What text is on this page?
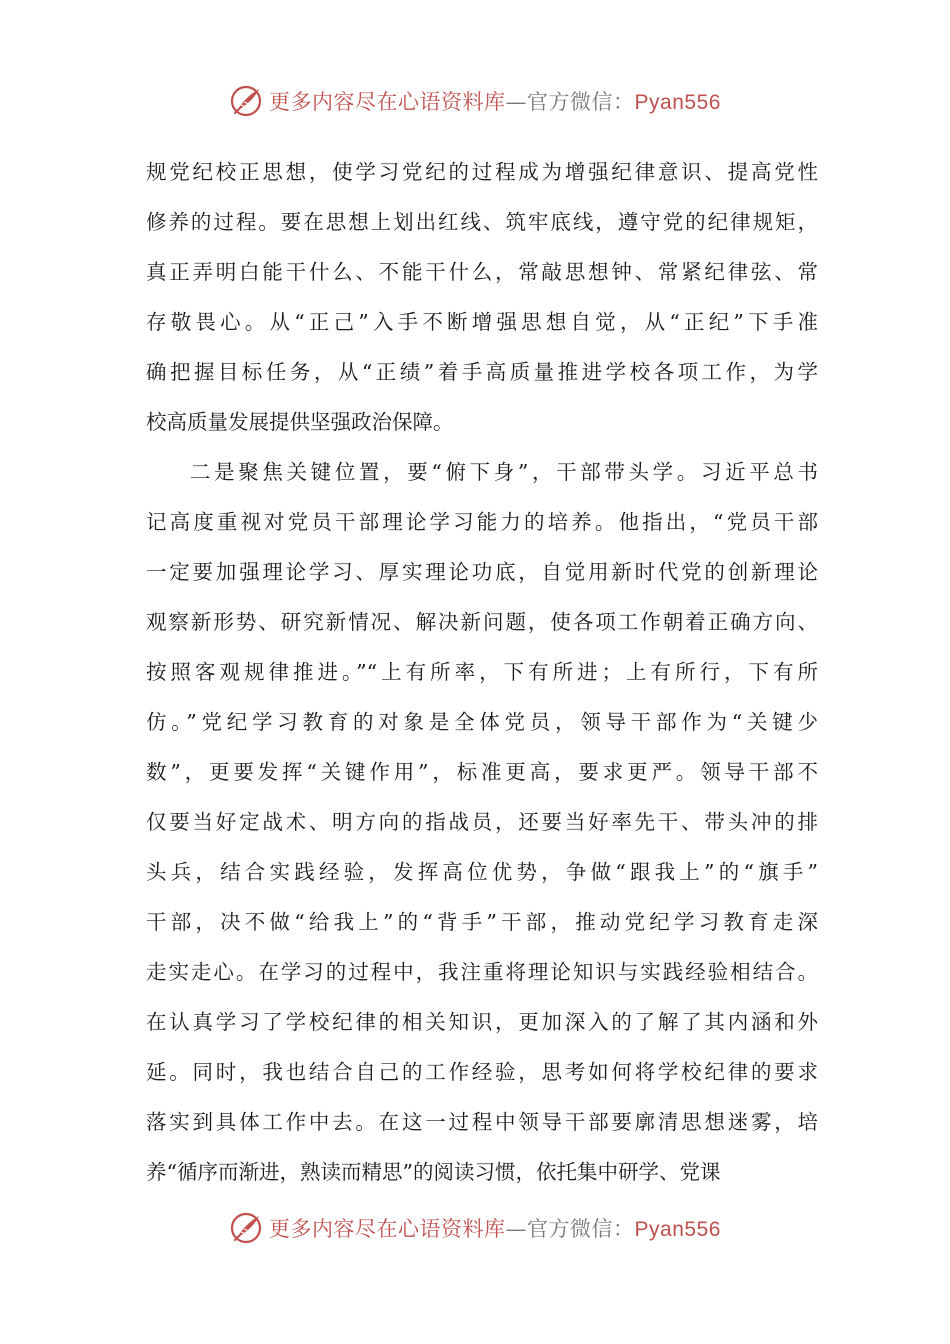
更多内容尽在心语资料库—官方微信：Pyan556
规党纪校正思想，使学习党纪的过程成为增强纪律意识、提高党性
修养的过程。要在思想上划出红线、筑牢底线，遵守党的纪律规矩，
真正弄明白能干什么、不能干什么，常敲思想钟、常紧纪律弦、常
存敬畏心。从“正己”入手不断增强思想自觉，从“正纪”下手准
确把握目标任务，从“正绩”着手高质量推进学校各项工作，为学
校高质量发展提供坚强政治保障。
二是聚焦关键位置，要“俯下身”，干部带头学。习近平总书
记高度重视对党员干部理论学习能力的培养。他指出，“党员干部
一定要加强理论学习、厚实理论功底，自觉用新时代党的创新理论
观察新形势、研究新情况、解决新问题，使各项工作朝着正确方向、
按照客观规律推进。”“上有所率，下有所进；上有所行，下有所
仿。”党纪学习教育的对象是全体党员，领导干部作为“关键少
数”，更要发挥“关键作用”，标准更高，要求更严。领导干部不
仅要当好定战术、明方向的指战员，还要当好率先干、带头冲的排
头兵，结合实践经验，发挥高位优势，争做“跟我上”的“旗手”
干部，决不做“给我上”的“背手”干部，推动党纪学习教育走深
走实走心。在学习的过程中，我注重将理论知识与实践经验相结合。
在认真学习了学校纪律的相关知识，更加深入的了解了其内涵和外
延。同时，我也结合自己的工作经验，思考如何将学校纪律的要求
落实到具体工作中去。在这一过程中领导干部要廓清思想迷雾，培
养“循序而渐进，熟读而精思”的阅读习惯，依托集中研学、党课
更多内容尽在心语资料库—官方微信：Pyan556
